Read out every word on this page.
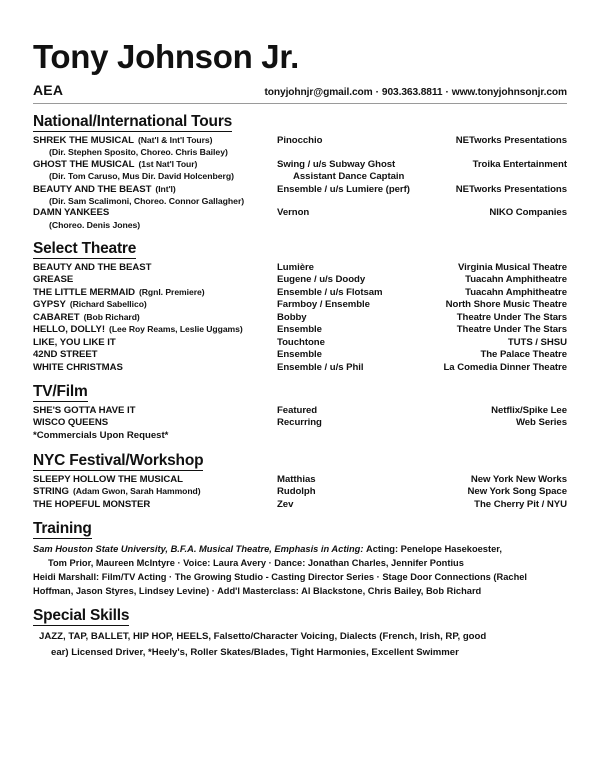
Tony Johnson Jr.
AEA	tonyjohnjr@gmail.com · 903.363.8811 · www.tonyjohnsonjr.com
National/International Tours
SHREK THE MUSICAL (Nat'l & Int'l Tours)	Pinocchio	NETworks Presentations
(Dir. Stephen Sposito, Choreo. Chris Bailey)
GHOST THE MUSICAL (1st Nat'l Tour)	Swing / u/s Subway Ghost	Troika Entertainment
(Dir. Tom Caruso, Mus Dir. David Holcenberg)	Assistant Dance Captain
BEAUTY AND THE BEAST (Int'l)	Ensemble / u/s Lumiere (perf)	NETworks Presentations
(Dir. Sam Scalimoni, Choreo. Connor Gallagher)
DAMN YANKEES	Vernon	NIKO Companies
(Choreo. Denis Jones)
Select Theatre
BEAUTY AND THE BEAST	Lumière	Virginia Musical Theatre
GREASE	Eugene / u/s Doody	Tuacahn Amphitheatre
THE LITTLE MERMAID (Rgnl. Premiere)	Ensemble / u/s Flotsam	Tuacahn Amphitheatre
GYPSY (Richard Sabellico)	Farmboy / Ensemble	North Shore Music Theatre
CABARET (Bob Richard)	Bobby	Theatre Under The Stars
HELLO, DOLLY! (Lee Roy Reams, Leslie Uggams)	Ensemble	Theatre Under The Stars
LIKE, YOU LIKE IT	Touchtone	TUTS / SHSU
42ND STREET	Ensemble	The Palace Theatre
WHITE CHRISTMAS	Ensemble / u/s Phil	La Comedia Dinner Theatre
TV/Film
SHE'S GOTTA HAVE IT	Featured	Netflix/Spike Lee
WISCO QUEENS	Recurring	Web Series
*Commercials Upon Request*
NYC Festival/Workshop
SLEEPY HOLLOW THE MUSICAL	Matthias	New York New Works
STRING (Adam Gwon, Sarah Hammond)	Rudolph	New York Song Space
THE HOPEFUL MONSTER	Zev	The Cherry Pit / NYU
Training
Sam Houston State University, B.F.A. Musical Theatre, Emphasis in Acting: Acting: Penelope Hasekoester,
Tom Prior, Maureen McIntyre · Voice: Laura Avery · Dance: Jonathan Charles, Jennifer Pontius
Heidi Marshall: Film/TV Acting · The Growing Studio - Casting Director Series · Stage Door Connections (Rachel
Hoffman, Jason Styres, Lindsey Levine) · Add'l Masterclass: Al Blackstone, Chris Bailey, Bob Richard
Special Skills
JAZZ, TAP, BALLET, HIP HOP, HEELS, Falsetto/Character Voicing, Dialects (French, Irish, RP, good
ear) Licensed Driver, *Heely's, Roller Skates/Blades, Tight Harmonies, Excellent Swimmer
